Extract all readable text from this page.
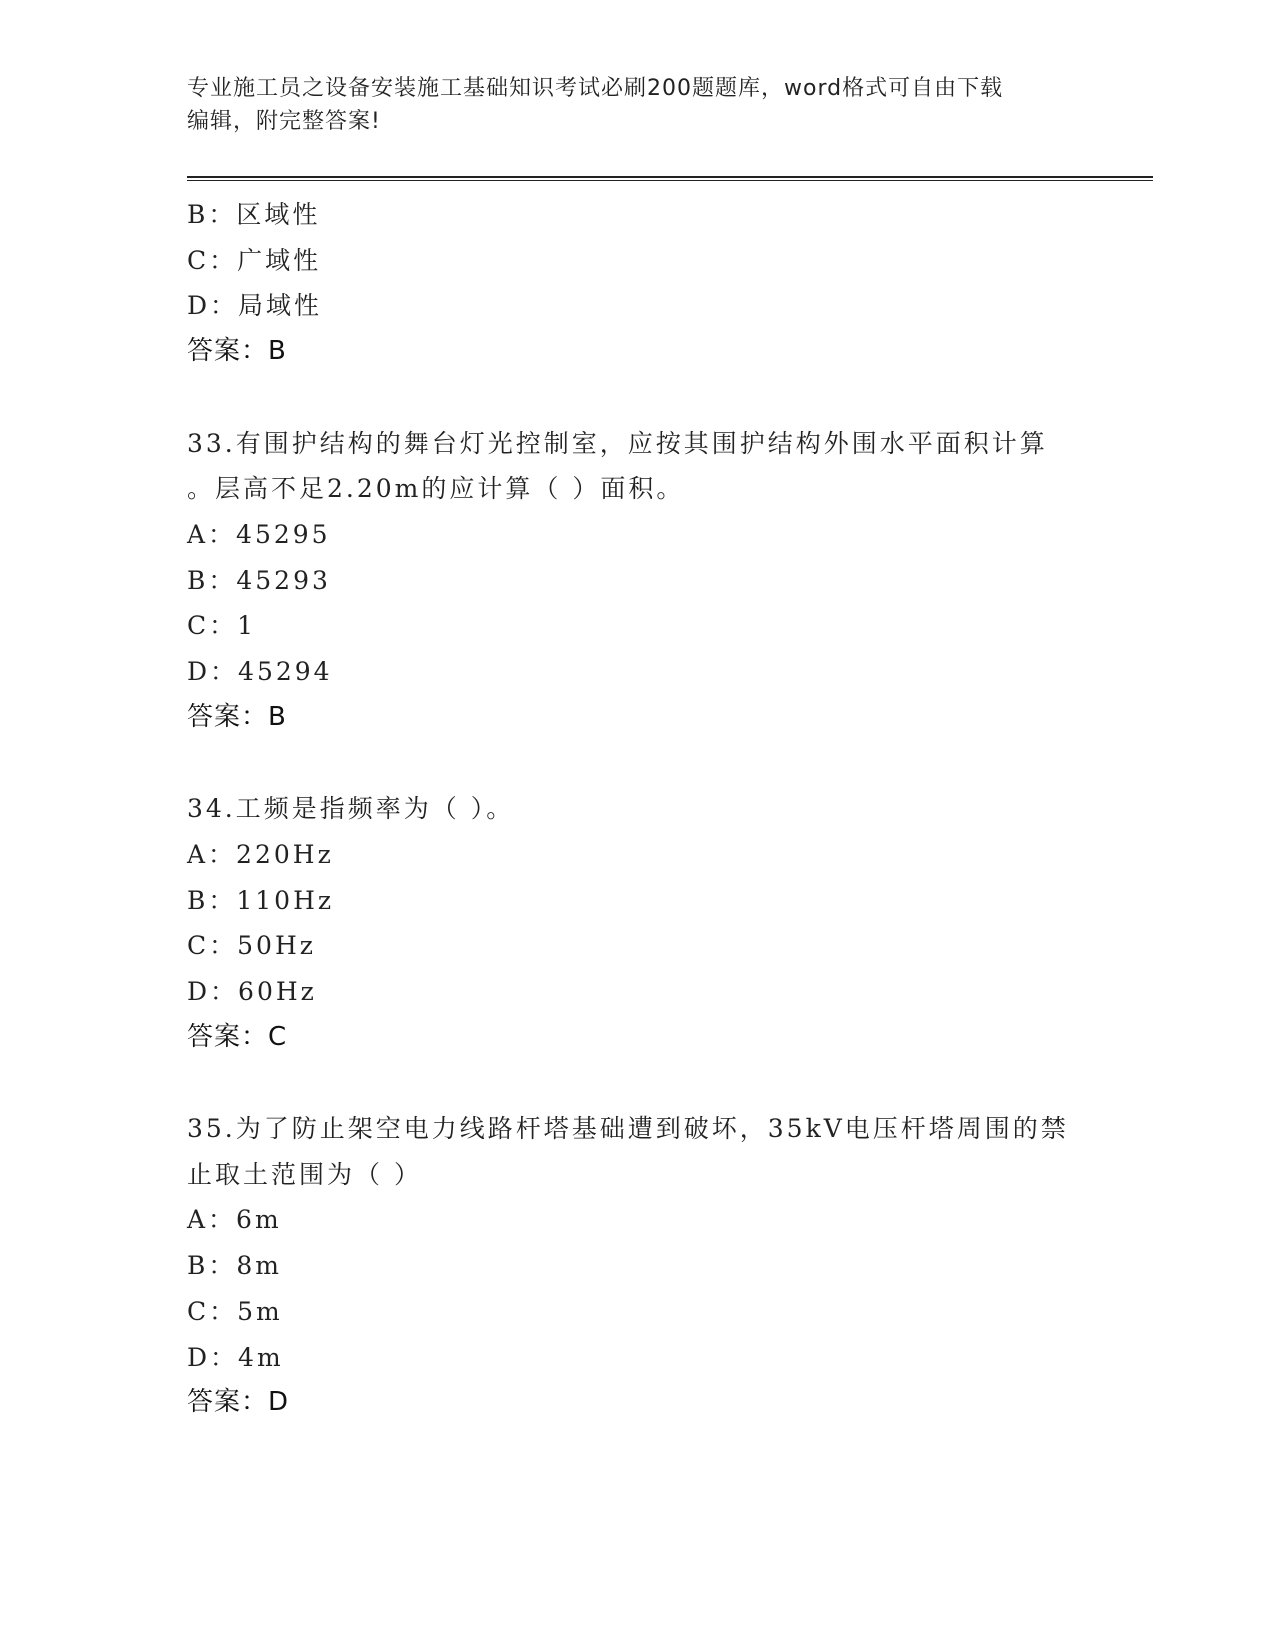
专业施工员之设备安装施工基础知识考试必刷200题题库，word格式可自由下载
编辑，附完整答案!
B：区域性
C：广域性
D：局域性
答案：B
33.有围护结构的舞台灯光控制室，应按其围护结构外围水平面积计算
。层高不足2.20m的应计算（ ）面积。
A：45295
B：45293
C：1
D：45294
答案：B
34.工频是指频率为（ ）。
A：220Hz
B：110Hz
C：50Hz
D：60Hz
答案：C
35.为了防止架空电力线路杆塔基础遭到破坏，35kV电压杆塔周围的禁
止取土范围为（ ）
A：6m
B：8m
C：5m
D：4m
答案：D
